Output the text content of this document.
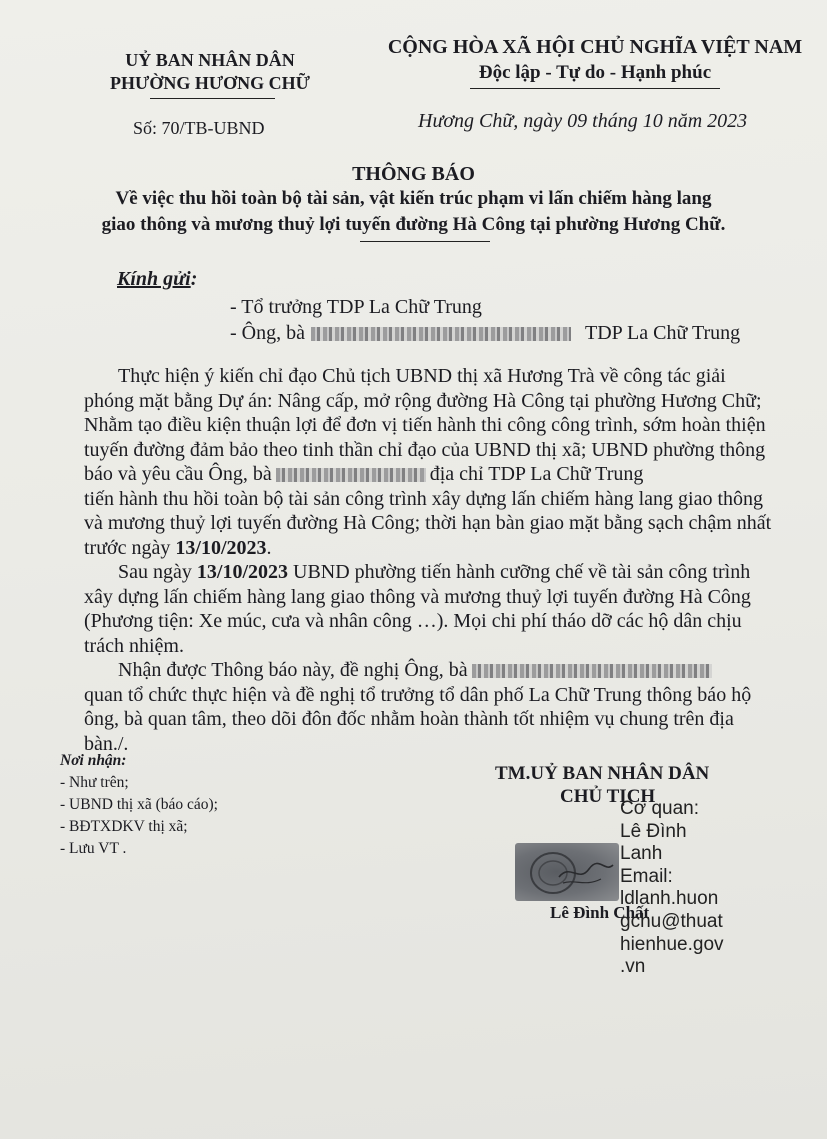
UỶ BAN NHÂN DÂN
PHƯỜNG HƯƠNG CHỮ
CỘNG HÒA XÃ HỘI CHỦ NGHĨA VIỆT NAM
Độc lập - Tự do - Hạnh phúc
Số: 70/TB-UBND	Hương Chữ, ngày 09 tháng 10 năm 2023
THÔNG BÁO
Về việc thu hồi toàn bộ tài sản, vật kiến trúc phạm vi lấn chiếm hàng lang
giao thông và mương thuỷ lợi tuyến đường Hà Công tại phường Hương Chữ.
Kính gửi:
- Tổ trưởng TDP La Chữ Trung
- Ông, bà	TDP La Chữ Trung
Thực hiện ý kiến chỉ đạo Chủ tịch UBND thị xã Hương Trà về công tác giải
phóng mặt bằng Dự án: Nâng cấp, mở rộng đường Hà Công tại phường Hương Chữ;
Nhằm tạo điều kiện thuận lợi để đơn vị tiến hành thi công công trình, sớm hoàn thiện
tuyến đường đảm bảo theo tinh thần chỉ đạo của UBND thị xã; UBND phường thông
báo và yêu cầu Ông, bà	địa chỉ TDP La Chữ Trung
tiến hành thu hồi toàn bộ tài sản công trình xây dựng lấn chiếm hàng lang giao thông
và mương thuỷ lợi tuyến đường Hà Công; thời hạn bàn giao mặt bằng sạch chậm nhất
trước ngày 13/10/2023.
Sau ngày 13/10/2023 UBND phường tiến hành cưỡng chế về tài sản công trình
xây dựng lấn chiếm hàng lang giao thông và mương thuỷ lợi tuyến đường Hà Công
(Phương tiện: Xe múc, cưa và nhân công …). Mọi chi phí tháo dỡ các hộ dân chịu
trách nhiệm.
Nhận được Thông báo này, đề nghị Ông, bà
quan tổ chức thực hiện và đề nghị tổ trưởng tổ dân phố La Chữ Trung thông báo hộ
ông, bà quan tâm, theo dõi đôn đốc nhằm hoàn thành tốt nhiệm vụ chung trên địa
bàn./.
Nơi nhận:
- Như trên;
- UBND thị xã (báo cáo);
- BĐTXDKV thị xã;
- Lưu VT .
TM.UỶ BAN NHÂN DÂN
CHỦ TỊCH
Lê Đình Chất
Cơ quan:
Lê Đình
Lanh
Email:
ldlanh.huon
gchu@thuat
hienhue.gov
.vn
